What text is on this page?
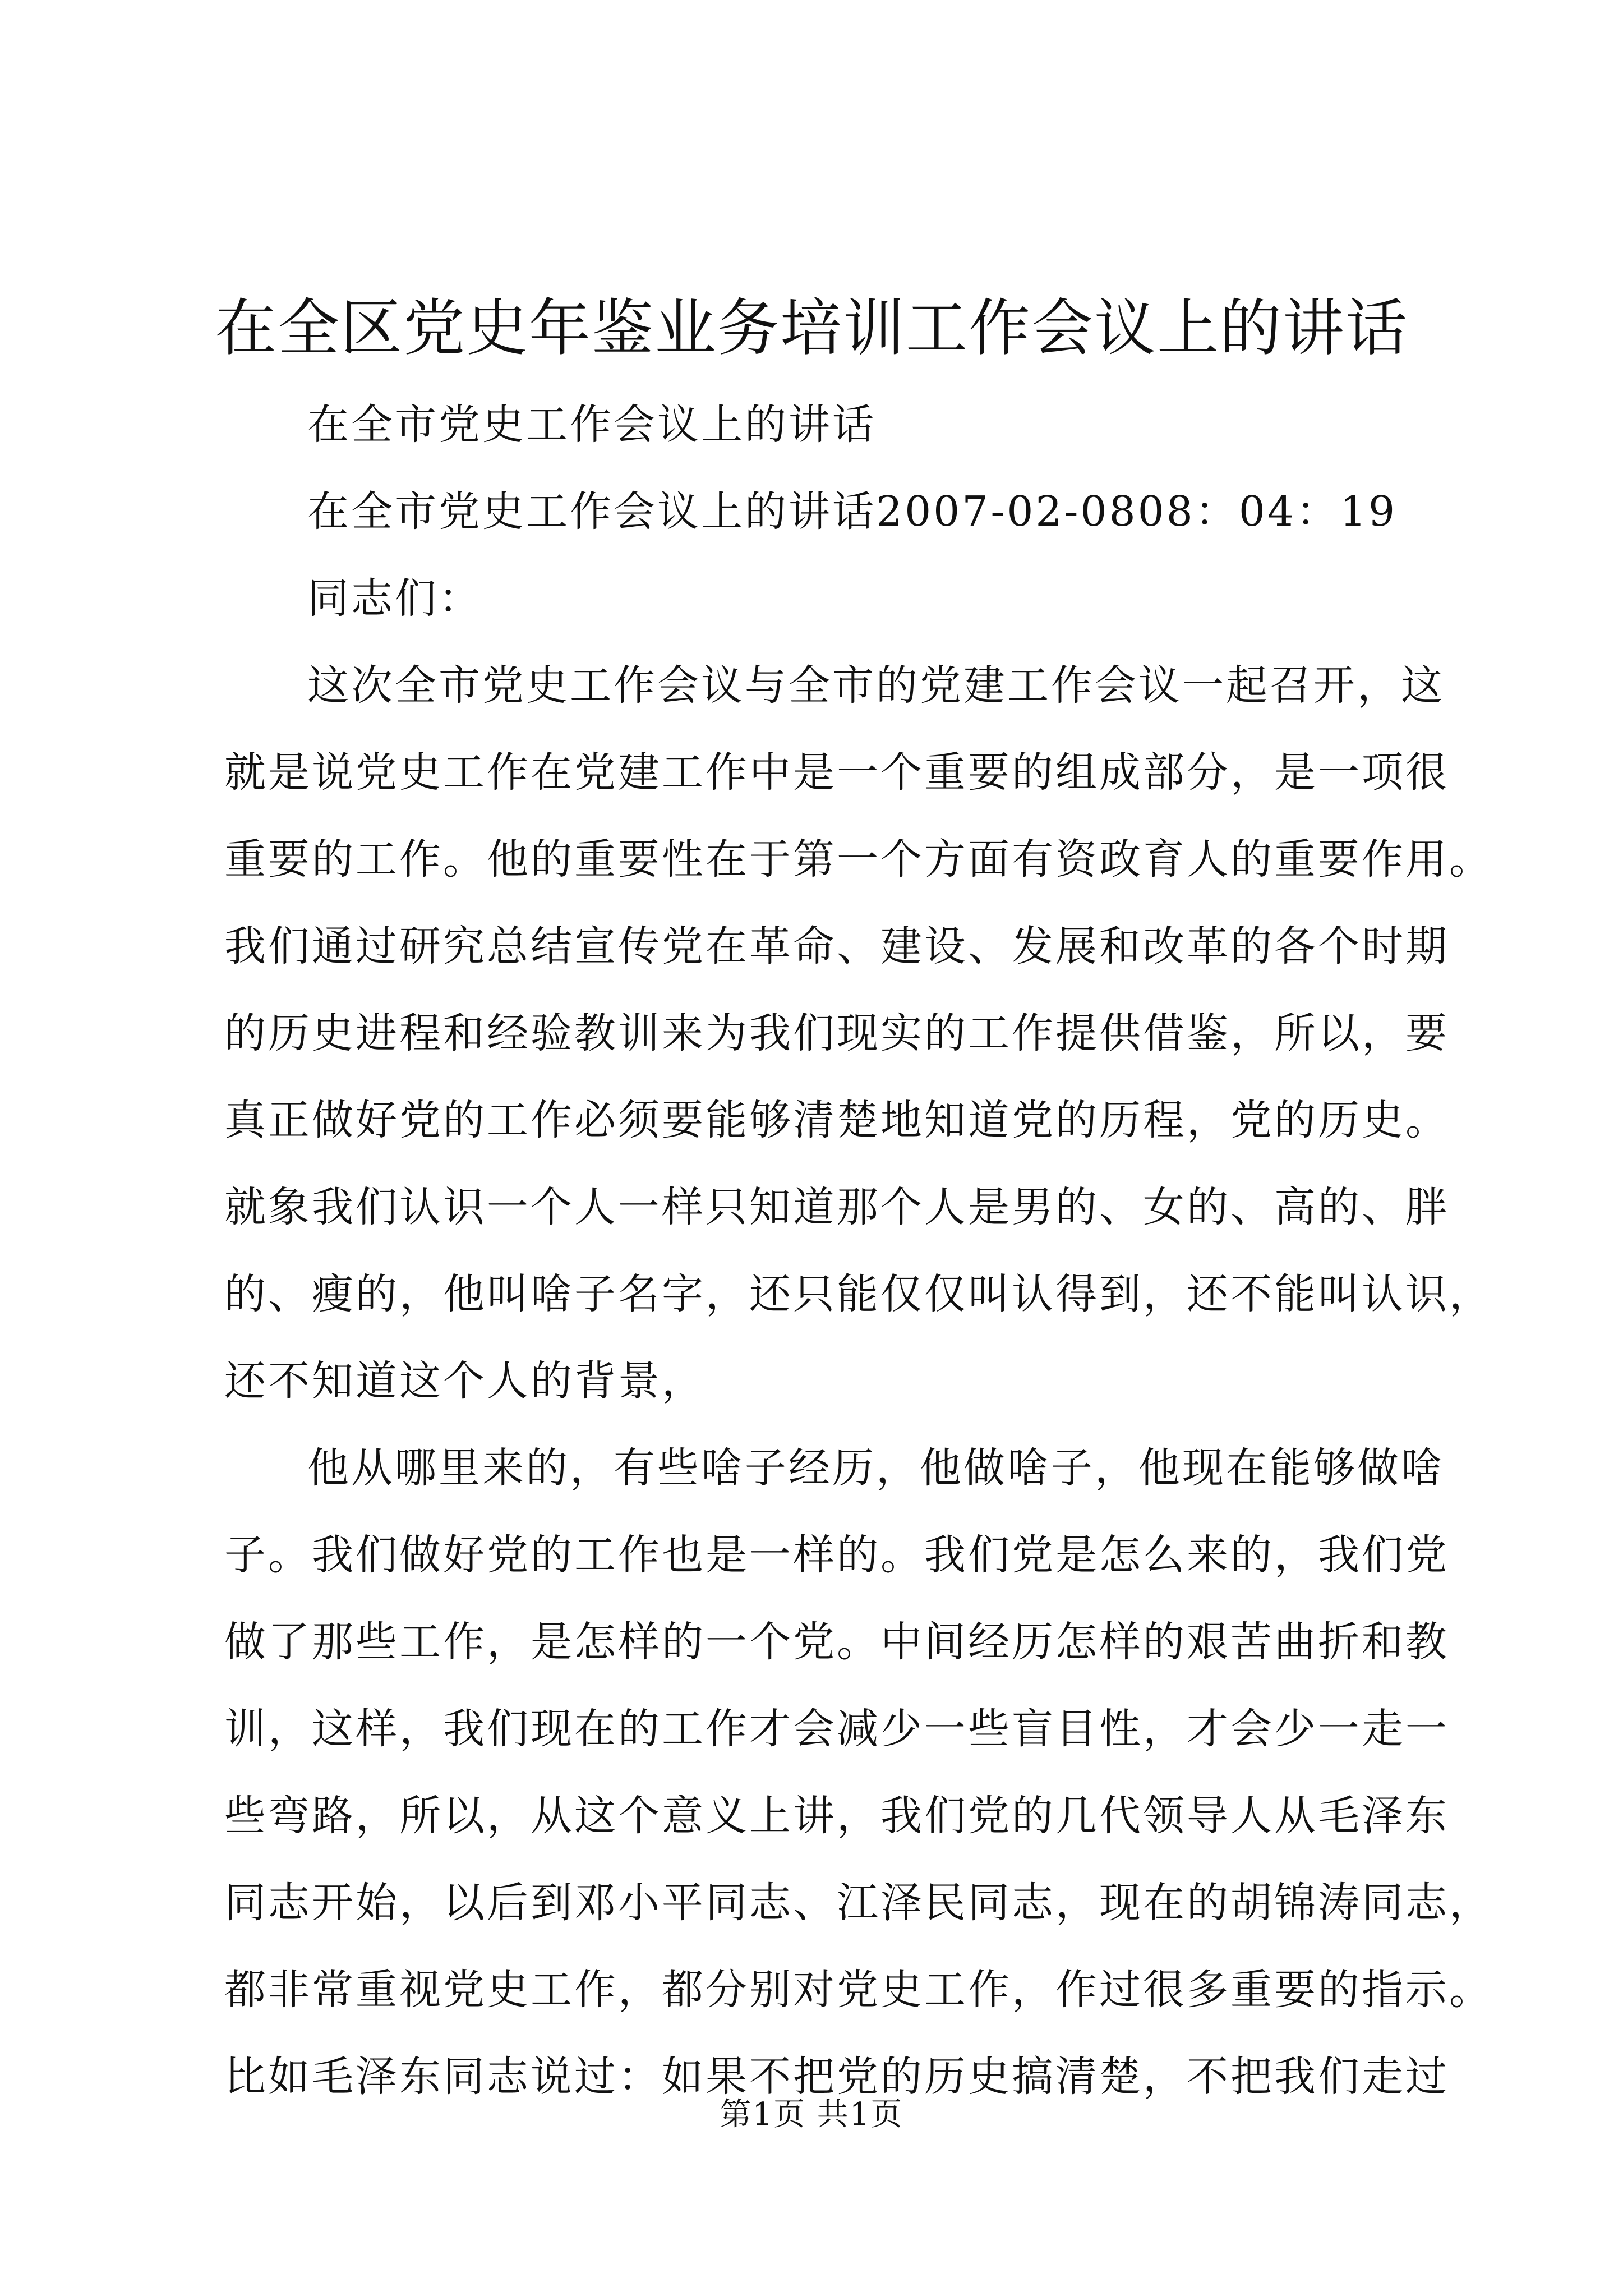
在全区党史年鉴业务培训工作会议上的讲话
在全市党史工作会议上的讲话
在全市党史工作会议上的讲话2007-02-0808：04：19
同志们：
这次全市党史工作会议与全市的党建工作会议一起召开，这
就是说党史工作在党建工作中是一个重要的组成部分，是一项很
重要的工作。他的重要性在于第一个方面有资政育人的重要作用。
我们通过研究总结宣传党在革命、建设、发展和改革的各个时期
的历史进程和经验教训来为我们现实的工作提供借鉴，所以，要
真正做好党的工作必须要能够清楚地知道党的历程，党的历史。
就象我们认识一个人一样只知道那个人是男的、女的、高的、胖
的、瘦的，他叫啥子名字，还只能仅仅叫认得到，还不能叫认识，
还不知道这个人的背景，
他从哪里来的，有些啥子经历，他做啥子，他现在能够做啥
子。我们做好党的工作也是一样的。我们党是怎么来的，我们党
做了那些工作，是怎样的一个党。中间经历怎样的艰苦曲折和教
训，这样，我们现在的工作才会减少一些盲目性，才会少一走一
些弯路，所以，从这个意义上讲，我们党的几代领导人从毛泽东
同志开始，以后到邓小平同志、江泽民同志，现在的胡锦涛同志，
都非常重视党史工作，都分别对党史工作，作过很多重要的指示。
比如毛泽东同志说过：如果不把党的历史搞清楚，不把我们走过
第1页 共1页
